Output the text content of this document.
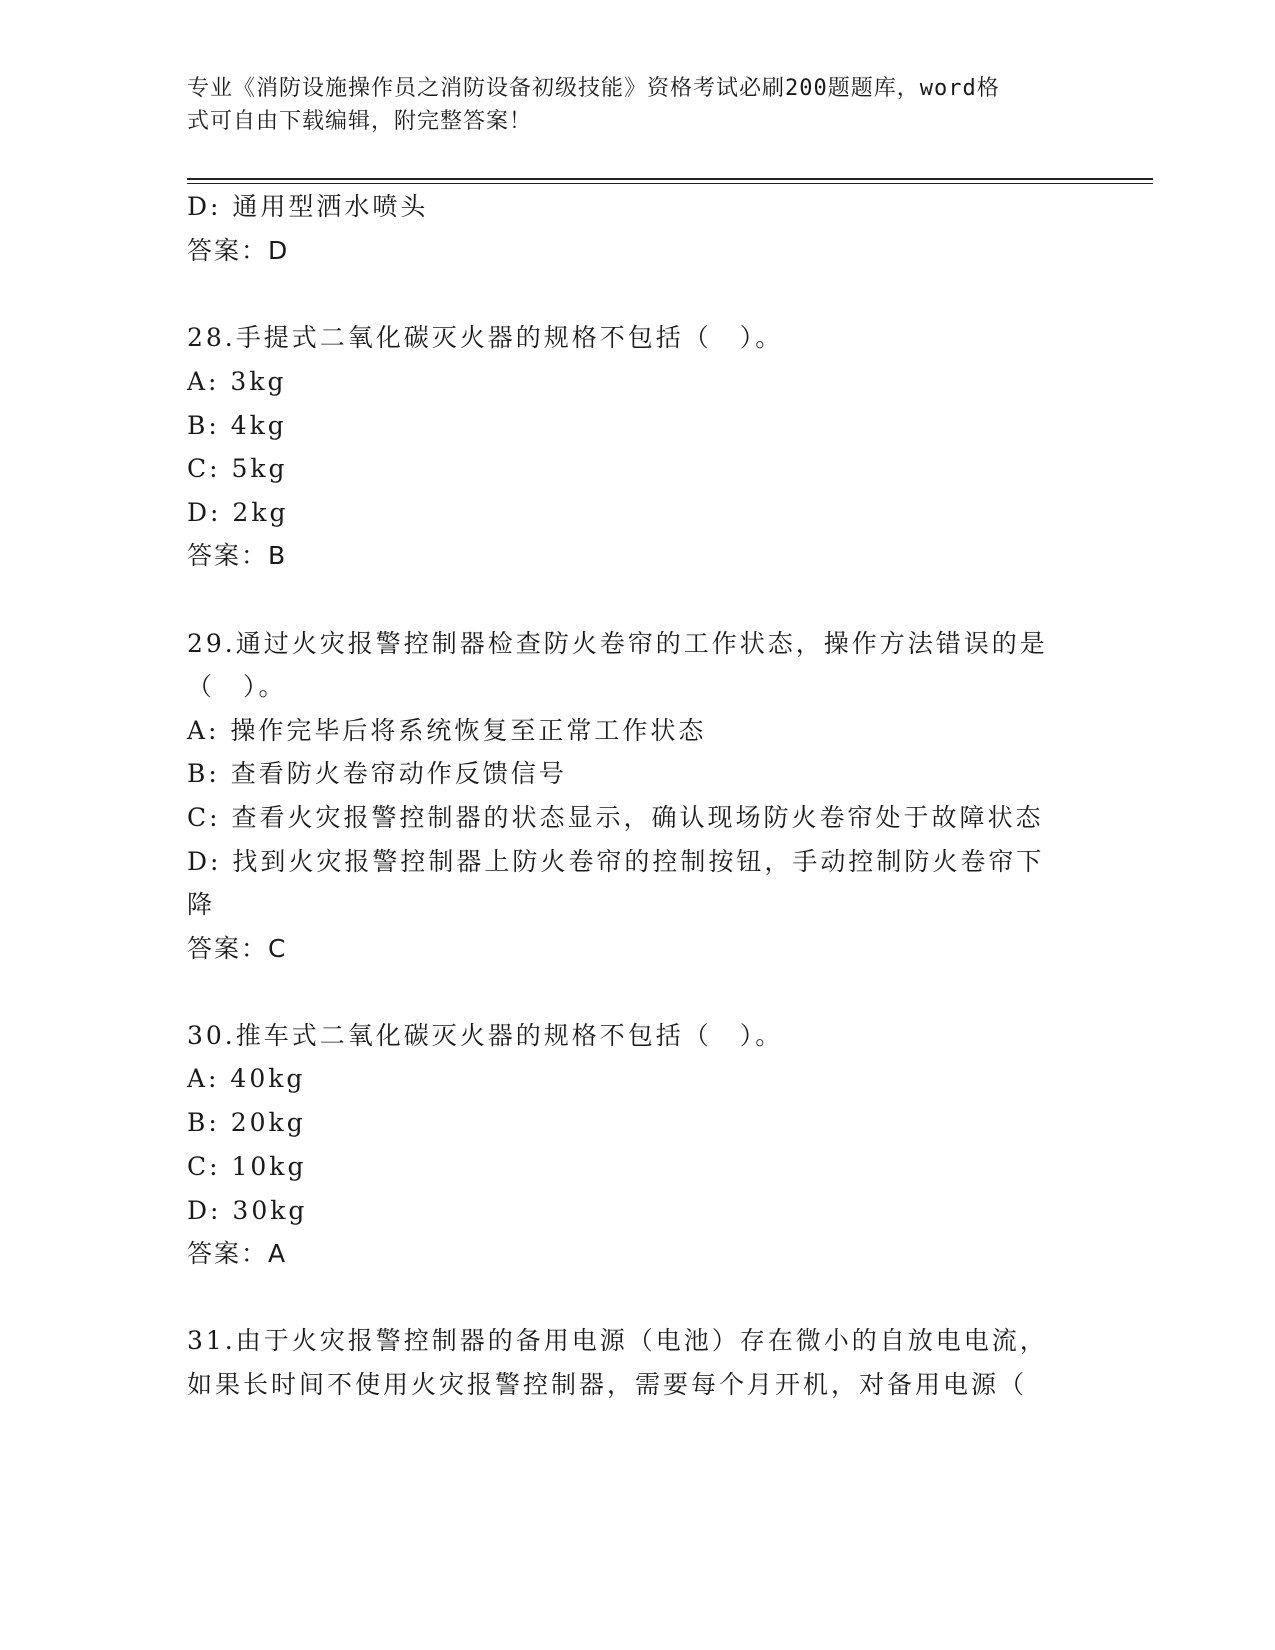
专业《消防设施操作员之消防设备初级技能》资格考试必刷200题题库，word格
式可自由下载编辑，附完整答案！
D: 通用型洒水喷头
答案：D
28.手提式二氧化碳灭火器的规格不包括（　）。
A: 3kg
B: 4kg
C: 5kg
D: 2kg
答案：B
29.通过火灾报警控制器检查防火卷帘的工作状态，操作方法错误的是
（　）。
A: 操作完毕后将系统恢复至正常工作状态
B: 查看防火卷帘动作反馈信号
C: 查看火灾报警控制器的状态显示，确认现场防火卷帘处于故障状态
D: 找到火灾报警控制器上防火卷帘的控制按钮，手动控制防火卷帘下
降
答案：C
30.推车式二氧化碳灭火器的规格不包括（　）。
A: 40kg
B: 20kg
C: 10kg
D: 30kg
答案：A
31.由于火灾报警控制器的备用电源（电池）存在微小的自放电电流，
如果长时间不使用火灾报警控制器，需要每个月开机，对备用电源（
